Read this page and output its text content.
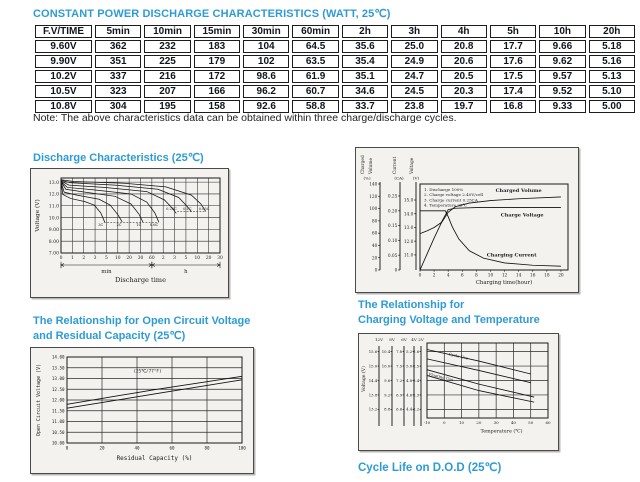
CONSTANT POWER DISCHARGE CHARACTERISTICS (WATT, 25℃)
F.V/TIME	5min	10min	15min	30min	60min	2h	3h	4h	5h	10h	20h
9.60V	362	232	183	104	64.5	35.6	25.0	20.8	17.7	9.66	5.18
9.90V	351	225	179	102	63.5	35.4	24.9	20.6	17.6	9.62	5.16
10.2V	337	216	172	98.6	61.9	35.1	24.7	20.5	17.5	9.57	5.13
10.5V	323	207	166	96.2	60.7	34.6	24.5	20.3	17.4	9.52	5.10
10.8V	304	195	158	92.6	58.8	33.7	23.8	19.7	16.8	9.33	5.00
Note: The above characteristics data can be obtained within three charge/discharge cycles.
Discharge Characteristics (25℃)
13.0
12.0
11.0
10.0
9.00
8.00
7.00
0 1 2 3 5 10 20 30 60 2 3 5 10 20 30
3C	2C	1C 0.6C
0.25C 0.1C 0.05C
min	h
Discharge time
Voltage (V)
140
120
100
80
60
40
20
0
Charged Volume
(%)
0.25
0.20
0.15
0.10
0.05
0
Current
(CA)
15.0
14.0
13.0
12.0
11.0
Voltage
(V)
0	2	4	6	8 10 12 14 16 18 20
Charging time(hour)
1. Discharge 100%
2. Charge voltage 2.40V/cell
3. Charge current 0.25CA
4. Temperature 25℃
Charged Volume
Charge Voltage
Charging Current
The Relationship for Open Circuit Voltage
and Residual Capacity (25℃)
14.00
13.50
13.00
12.50
12.00
11.50
11.00
10.50
10.00
0	20	40	60	80	100
(25℃/77°F)
Residual Capacity (%)
Open Circuit Voltage (V)
The Relationship for
Charging Voltage and Temperature
12V
15.6
15.0
14.4
13.8
13.2
8V
10.4
10.0
9.6
9.2
8.8
6V
7.8
7.5
7.2
6.9
6.6
4V
5.2
5.0
4.8
4.6
4.4
2V
2.6
2.5
2.4
2.3
2.2
Cycle Use
Floating Use
-10	0	10	20	30	40	50	60
Temperature (℃)
Voltage (V)
Cycle Life on D.O.D (25℃)
